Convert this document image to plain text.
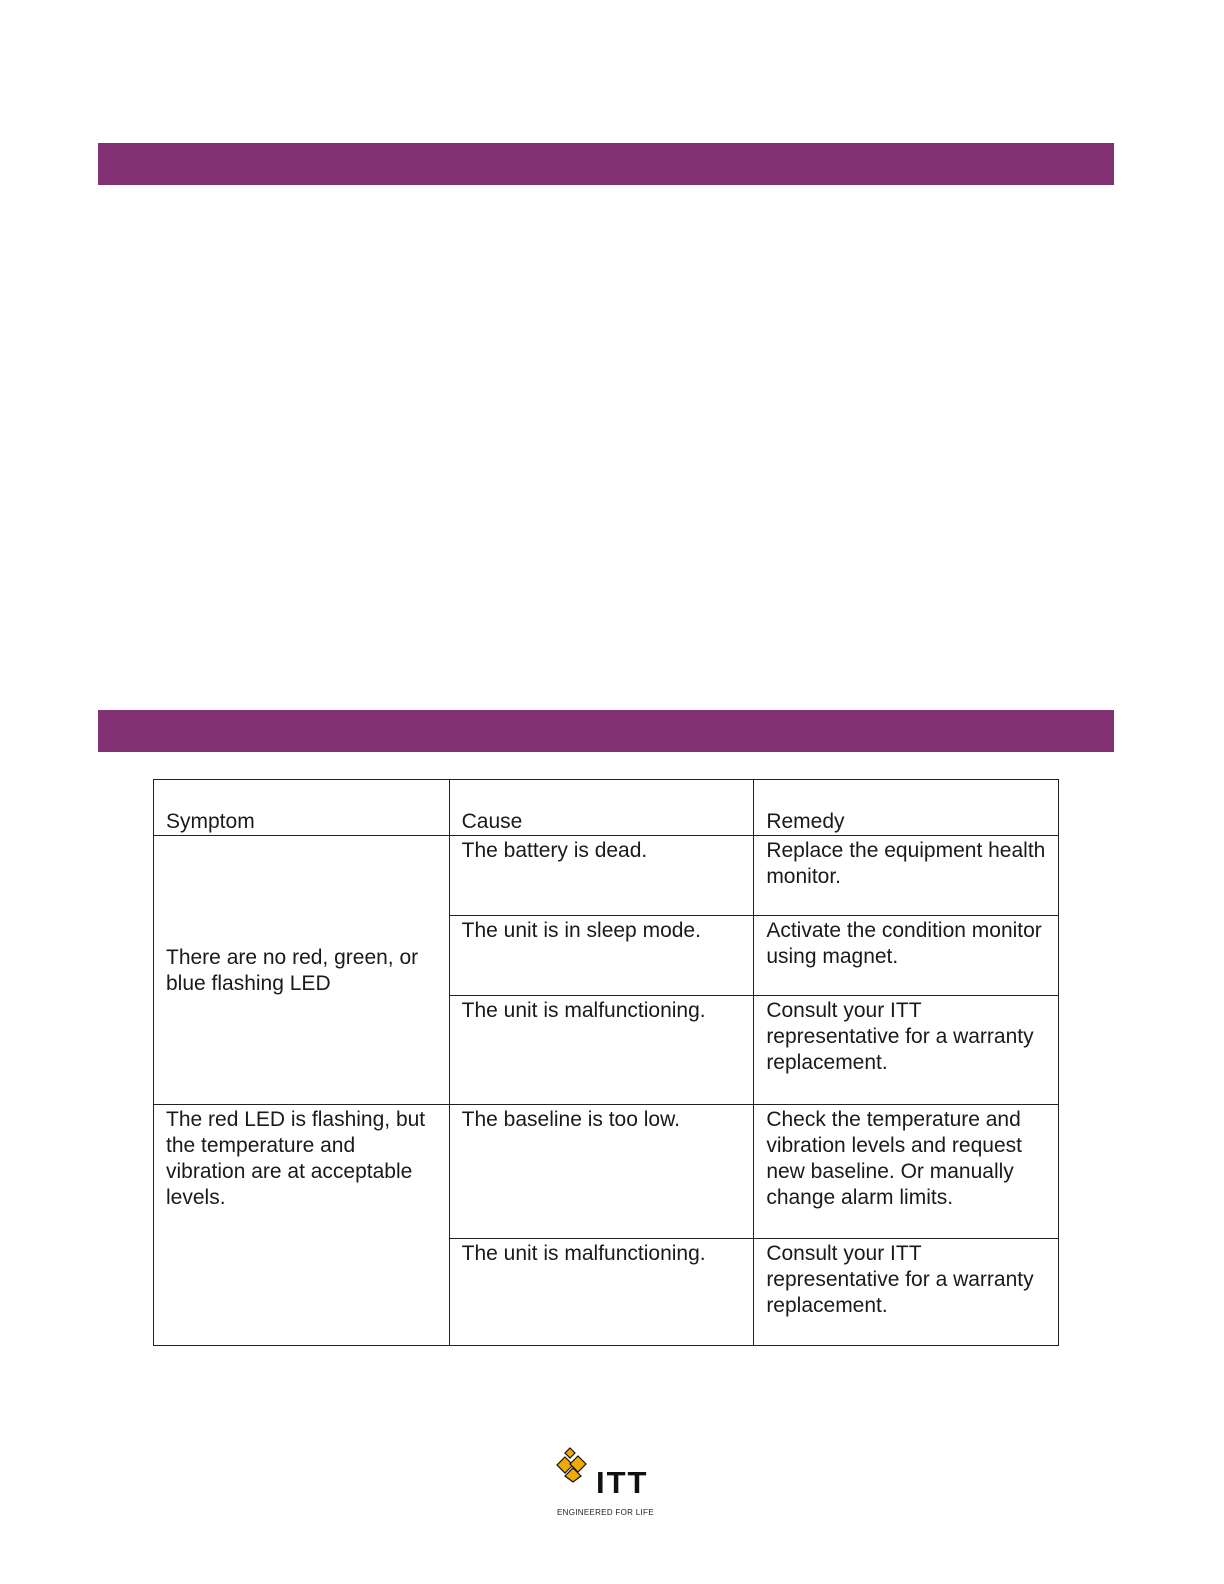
Symptom	Cause	Remedy
There are no red, green, or blue flashing LED	The battery is dead.	Replace the equipment health monitor.
	The unit is in sleep mode.	Activate the condition monitor using magnet.
	The unit is malfunctioning.	Consult your ITT representative for a warranty replacement.
The red LED is flashing, but the temperature and vibration are at acceptable levels.	The baseline is too low.	Check the temperature and vibration levels and request new baseline. Or manually change alarm limits.
	The unit is malfunctioning.	Consult your ITT representative for a warranty replacement.
ITT
ENGINEERED FOR LIFE
